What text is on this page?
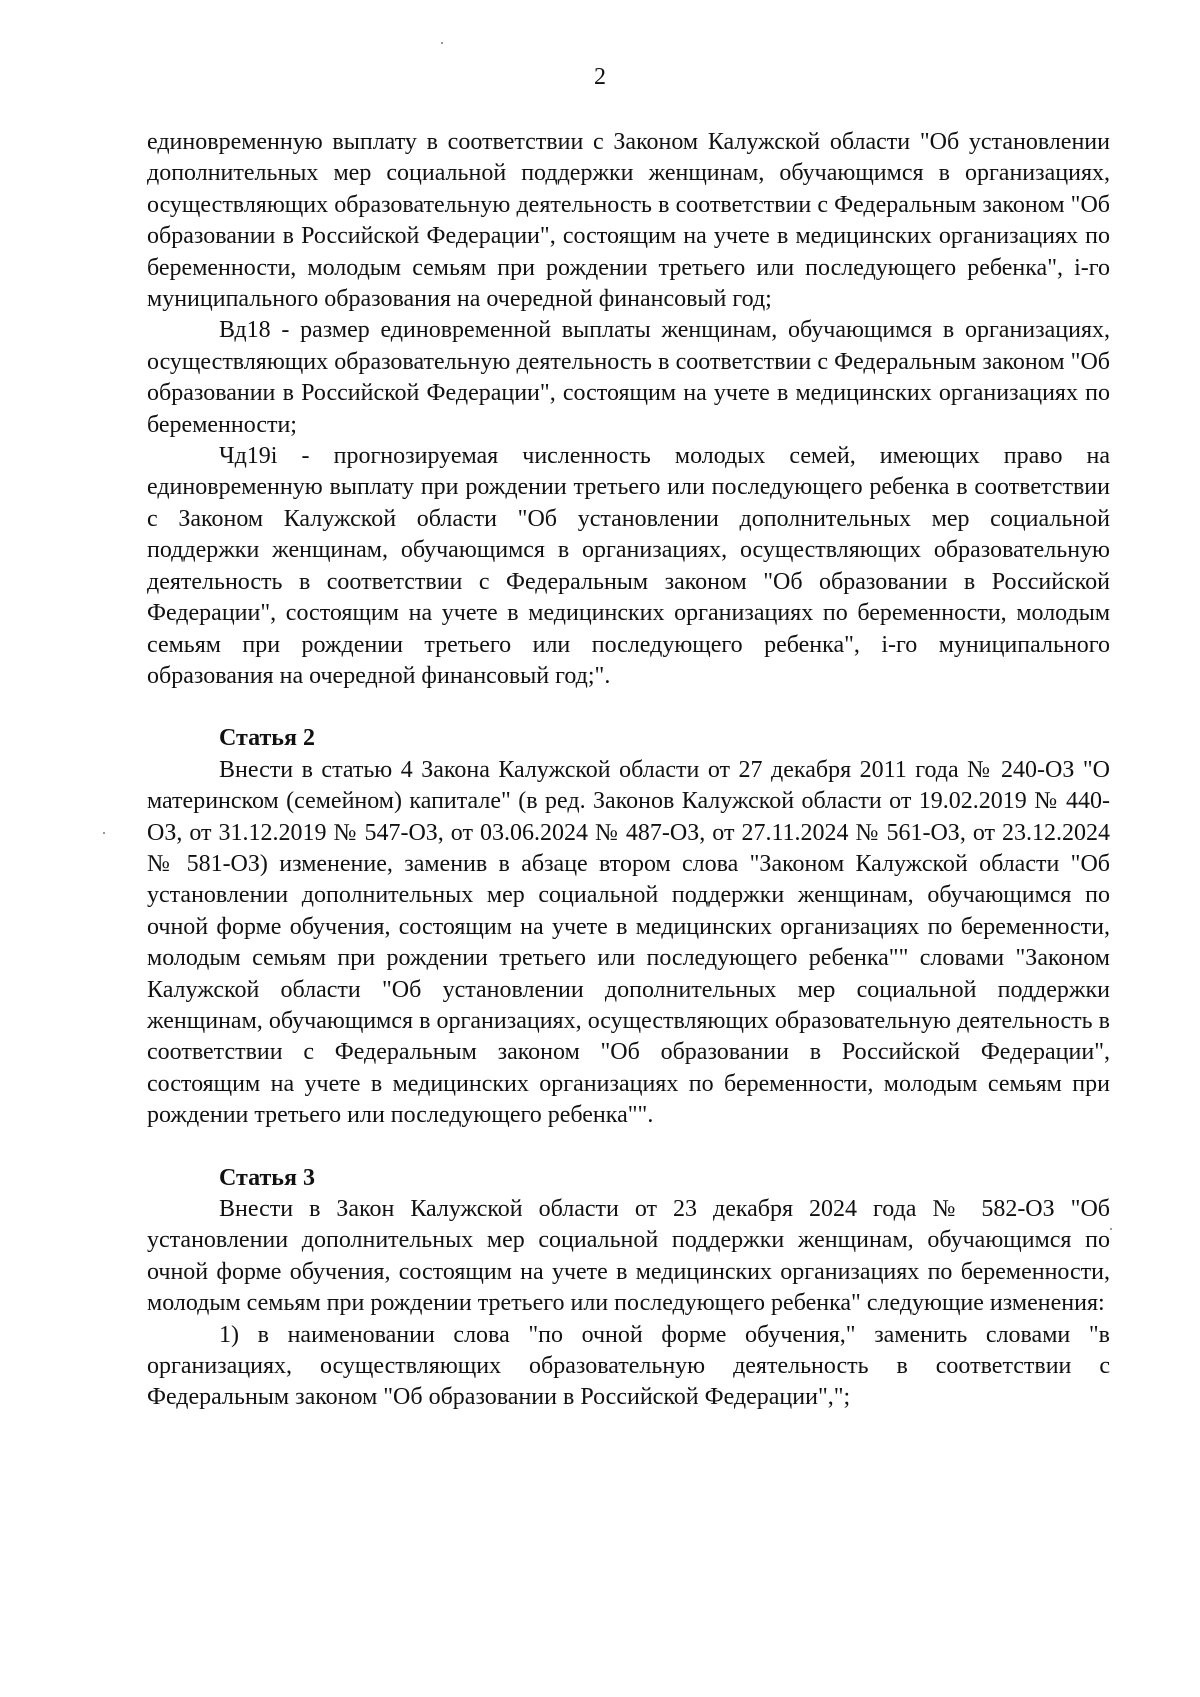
2

единовременную выплату в соответствии с Законом Калужской области "Об установлении дополнительных мер социальной поддержки женщинам, обучающимся в организациях, осуществляющих образовательную деятельность в соответствии с Федеральным законом "Об образовании в Российской Федерации", состоящим на учете в медицинских организациях по беременности, молодым семьям при рождении третьего или последующего ребенка", i-го муниципального образования на очередной финансовый год;

Вд18 - размер единовременной выплаты женщинам, обучающимся в организациях, осуществляющих образовательную деятельность в соответствии с Федеральным законом "Об образовании в Российской Федерации", состоящим на учете в медицинских организациях по беременности;

Чд19i - прогнозируемая численность молодых семей, имеющих право на единовременную выплату при рождении третьего или последующего ребенка в соответствии с Законом Калужской области "Об установлении дополнительных мер социальной поддержки женщинам, обучающимся в организациях, осуществляющих образовательную деятельность в соответствии с Федеральным законом "Об образовании в Российской Федерации", состоящим на учете в медицинских организациях по беременности, молодым семьям при рождении третьего или последующего ребенка", i-го муниципального образования на очередной финансовый год;".

Статья 2

Внести в статью 4 Закона Калужской области от 27 декабря 2011 года № 240-ОЗ "О материнском (семейном) капитале" (в ред. Законов Калужской области от 19.02.2019 № 440-ОЗ, от 31.12.2019 № 547-ОЗ, от 03.06.2024 № 487-ОЗ, от 27.11.2024 № 561-ОЗ, от 23.12.2024 № 581-ОЗ) изменение, заменив в абзаце втором слова "Законом Калужской области "Об установлении дополнительных мер социальной поддержки женщинам, обучающимся по очной форме обучения, состоящим на учете в медицинских организациях по беременности, молодым семьям при рождении третьего или последующего ребенка"" словами "Законом Калужской области "Об установлении дополнительных мер социальной поддержки женщинам, обучающимся в организациях, осуществляющих образовательную деятельность в соответствии с Федеральным законом "Об образовании в Российской Федерации", состоящим на учете в медицинских организациях по беременности, молодым семьям при рождении третьего или последующего ребенка"".

Статья 3

Внести в Закон Калужской области от 23 декабря 2024 года № 582-ОЗ "Об установлении дополнительных мер социальной поддержки женщинам, обучающимся по очной форме обучения, состоящим на учете в медицинских организациях по беременности, молодым семьям при рождении третьего или последующего ребенка" следующие изменения:

1) в наименовании слова "по очной форме обучения," заменить словами "в организациях, осуществляющих образовательную деятельность в соответствии с Федеральным законом "Об образовании в Российской Федерации",";
